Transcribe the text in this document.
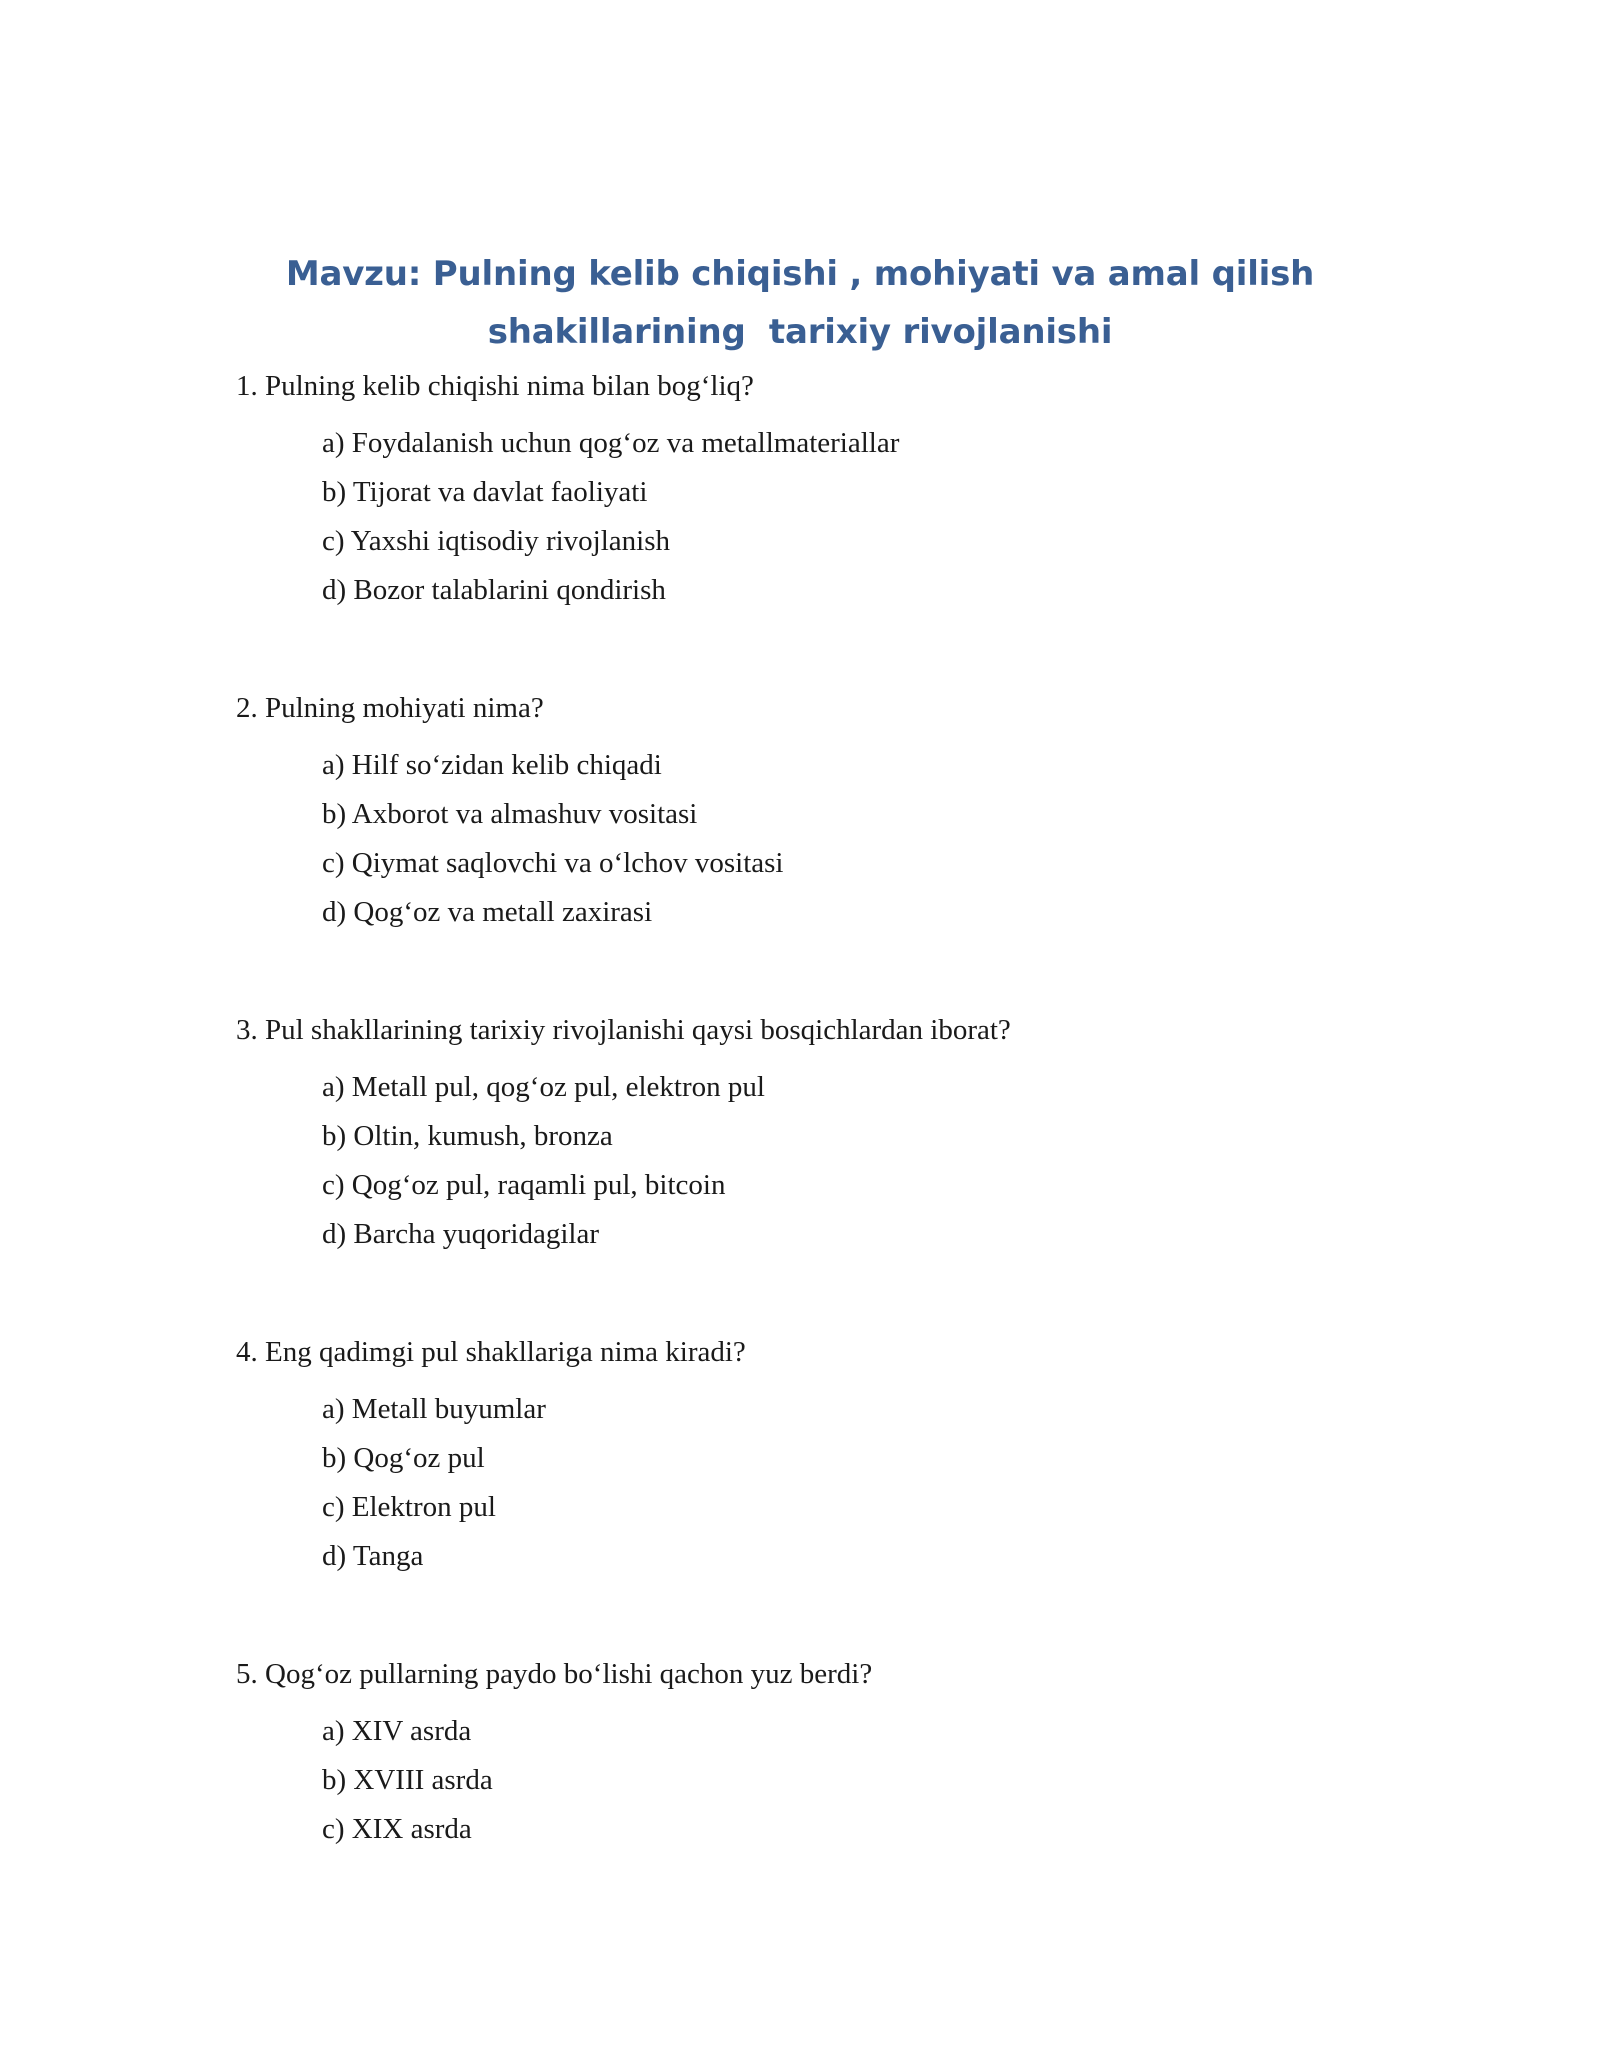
Mavzu: Pulning kelib chiqishi , mohiyati va amal qilish
shakillarining  tarixiy rivojlanishi
1. Pulning kelib chiqishi nima bilan bog‘liq?
a) Foydalanish uchun qog‘oz va metallmateriallar
b) Tijorat va davlat faoliyati
c) Yaxshi iqtisodiy rivojlanish
d) Bozor talablarini qondirish
2. Pulning mohiyati nima?
a) Hilf so‘zidan kelib chiqadi
b) Axborot va almashuv vositasi
c) Qiymat saqlovchi va o‘lchov vositasi
d) Qog‘oz va metall zaxirasi
3. Pul shakllarining tarixiy rivojlanishi qaysi bosqichlardan iborat?
a) Metall pul, qog‘oz pul, elektron pul
b) Oltin, kumush, bronza
c) Qog‘oz pul, raqamli pul, bitcoin
d) Barcha yuqoridagilar
4. Eng qadimgi pul shakllariga nima kiradi?
a) Metall buyumlar
b) Qog‘oz pul
c) Elektron pul
d) Tanga
5. Qog‘oz pullarning paydo bo‘lishi qachon yuz berdi?
a) XIV asrda
b) XVIII asrda
c) XIX asrda
